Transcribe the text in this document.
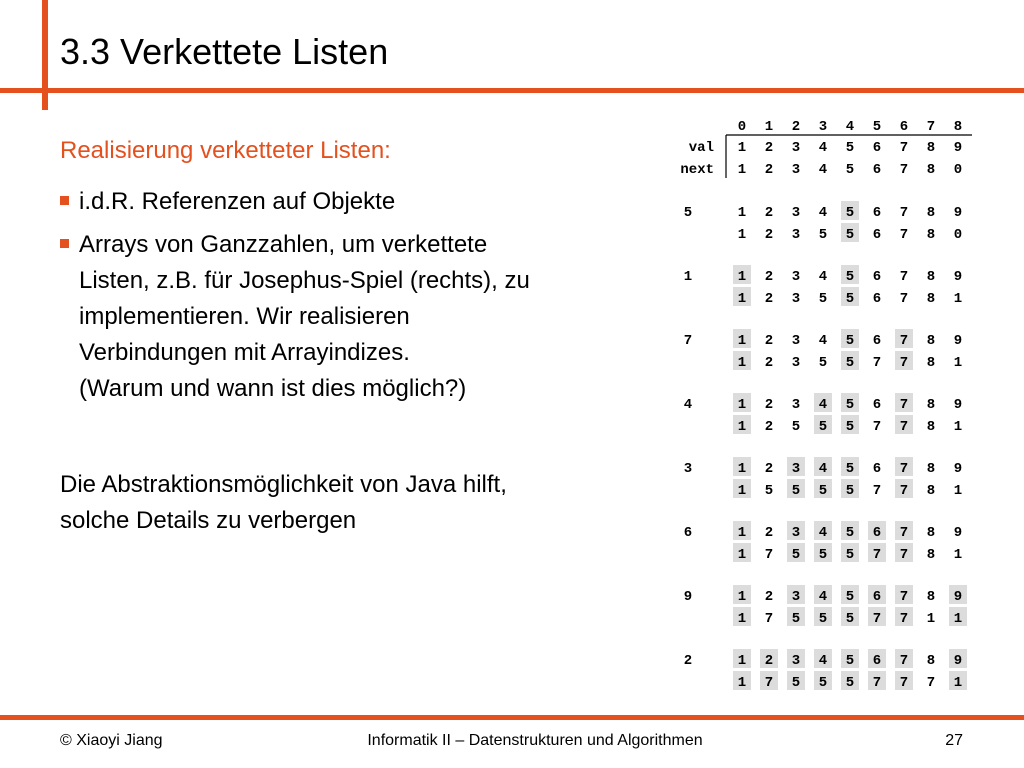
3.3 Verkettete Listen
Realisierung verketteter Listen:
i.d.R. Referenzen auf Objekte
Arrays von Ganzzahlen, um verkettete
Listen, z.B. für Josephus-Spiel (rechts), zu
implementieren. Wir realisieren
Verbindungen mit Arrayindizes.
(Warum und wann ist dies möglich?)
Die Abstraktionsmöglichkeit von Java hilft,
solche Details zu verbergen
0 1 2 3 4 5 6 7 8
val 1 2 3 4 5 6 7 8 9
next 1 2 3 4 5 6 7 8 0
5	1 2 3 4 5 6 7 8 9
1 2 3 5 5 6 7 8 0
1	1 2 3 4 5 6 7 8 9
1 2 3 5 5 6 7 8 1
7	1 2 3 4 5 6 7 8 9
1 2 3 5 5 7 7 8 1
4	1 2 3 4 5 6 7 8 9
1 2 5 5 5 7 7 8 1
3	1 2 3 4 5 6 7 8 9
1 5 5 5 5 7 7 8 1
6	1 2 3 4 5 6 7 8 9
1 7 5 5 5 7 7 8 1
9	1 2 3 4 5 6 7 8 9
1 7 5 5 5 7 7 1 1
2	1 2 3 4 5 6 7 8 9
1 7 5 5 5 7 7 7 1
© Xiaoyi Jiang	Informatik II – Datenstrukturen und Algorithmen	27
